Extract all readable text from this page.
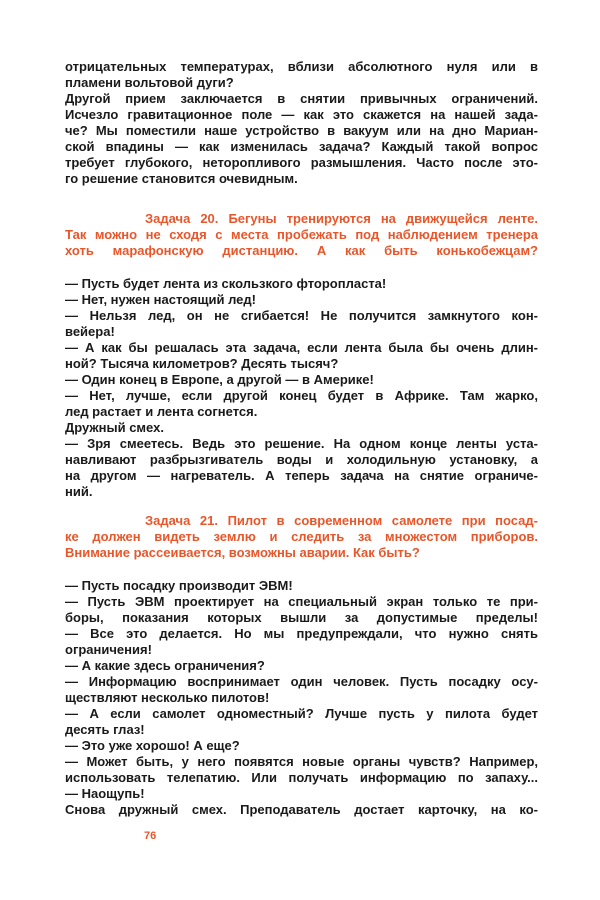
отрицательных температурах, вблизи абсолютного нуля или в
пламени вольтовой дуги?
Другой прием заключается в снятии привычных ограничений.
Исчезло гравитационное поле — как это скажется на нашей зада-
че? Мы поместили наше устройство в вакуум или на дно Мариан-
ской впадины — как изменилась задача? Каждый такой вопрос
требует глубокого, неторопливого размышления. Часто после это-
го решение становится очевидным.
Задача 20. Бегуны тренируются на движущейся ленте.
Так можно не сходя с места пробежать под наблюдением тренера
хоть марафонскую дистанцию. А как быть конькобежцам?
— Пусть будет лента из скользкого фторопласта!
— Нет, нужен настоящий лед!
— Нельзя лед, он не сгибается! Не получится замкнутого кон-
вейера!
— А как бы решалась эта задача, если лента была бы очень длин-
ной? Тысяча километров? Десять тысяч?
— Один конец в Европе, а другой — в Америке!
— Нет, лучше, если другой конец будет в Африке. Там жарко,
лед растает и лента согнется.
Дружный смех.
— Зря смеетесь. Ведь это решение. На одном конце ленты уста-
навливают разбрызгиватель воды и холодильную установку, а
на другом — нагреватель. А теперь задача на снятие ограниче-
ний.
Задача 21. Пилот в современном самолете при посад-
ке должен видеть землю и следить за множестом приборов.
Внимание рассеивается, возможны аварии. Как быть?
— Пусть посадку производит ЭВМ!
— Пусть ЭВМ проектирует на специальный экран только те при-
боры, показания которых вышли за допустимые пределы!
— Все это делается. Но мы предупреждали, что нужно снять
ограничения!
— А какие здесь ограничения?
— Информацию воспринимает один человек. Пусть посадку осу-
ществляют несколько пилотов!
— А если самолет одноместный? Лучше пусть у пилота будет
десять глаз!
— Это уже хорошо! А еще?
— Может быть, у него появятся новые органы чувств? Например,
использовать телепатию. Или получать информацию по запаху...
— Наощупь!
Снова дружный смех. Преподаватель достает карточку, на ко-
76
